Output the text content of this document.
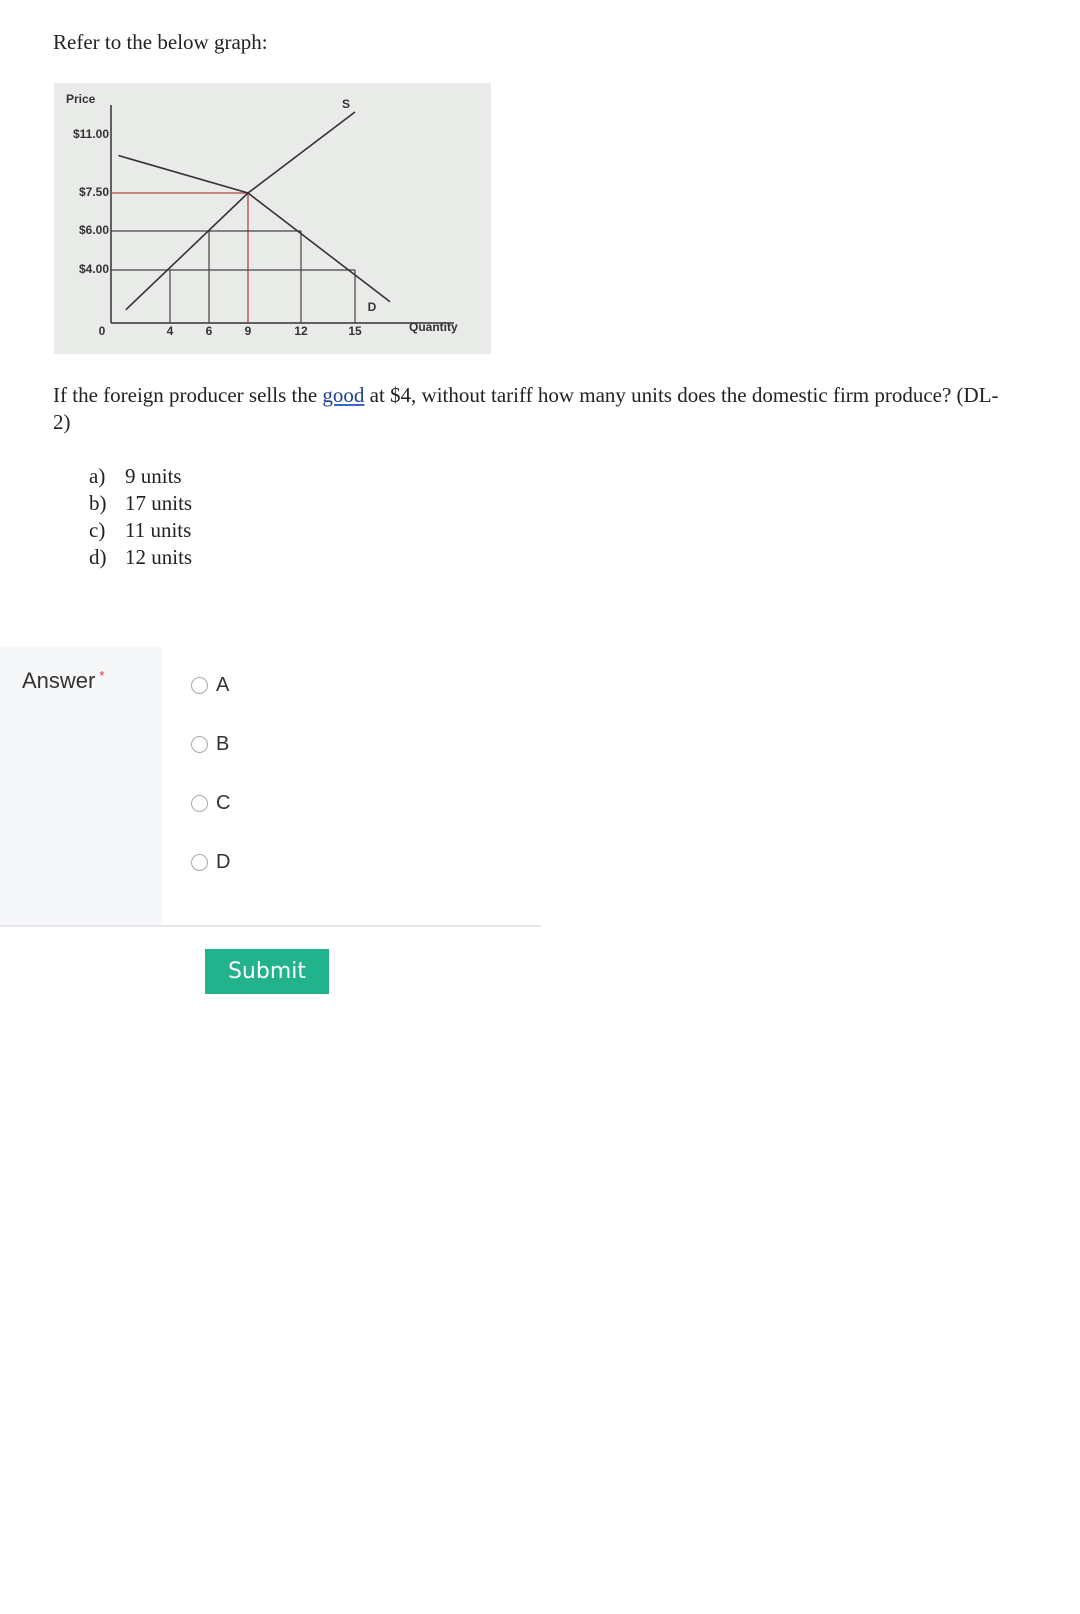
Refer to the below graph:
S
D
$11.00
$7.50
$6.00
$4.00
Price
0	4	6	9	12	15	Quantity
If the foreign producer sells the good at $4, without tariff how many units does the domestic firm produce? (DL-2)
a) 9 units
b) 17 units
c) 11 units
d) 12 units
Answer *	A
B
C
D
Submit
